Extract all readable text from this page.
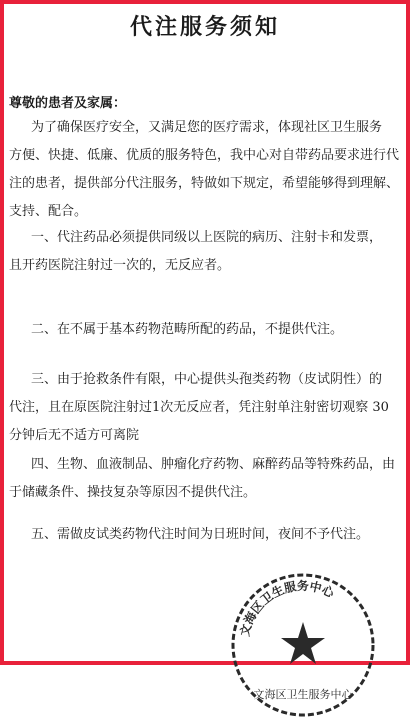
代注服务须知
尊敬的患者及家属：
为了确保医疗安全，又满足您的医疗需求，体现社区卫生服务
方便、快捷、低廉、优质的服务特色，我中心对自带药品要求进行代
注的患者，提供部分代注服务，特做如下规定，希望能够得到理解、
支持、配合。
一、代注药品必须提供同级以上医院的病历、注射卡和发票，
且开药医院注射过一次的，无反应者。
二、在不属于基本药物范畴所配的药品，不提供代注。
三、由于抢救条件有限，中心提供头孢类药物（皮试阴性）的
代注，且在原医院注射过1次无反应者，凭注射单注射密切观察 30
分钟后无不适方可离院
四、生物、血液制品、肿瘤化疗药物、麻醉药品等特殊药品，由
于储藏条件、操技复杂等原因不提供代注。
五、需做皮试类药物代注时间为日班时间，夜间不予代注。
文海区卫生服务中心
文海区卫生服务中心
